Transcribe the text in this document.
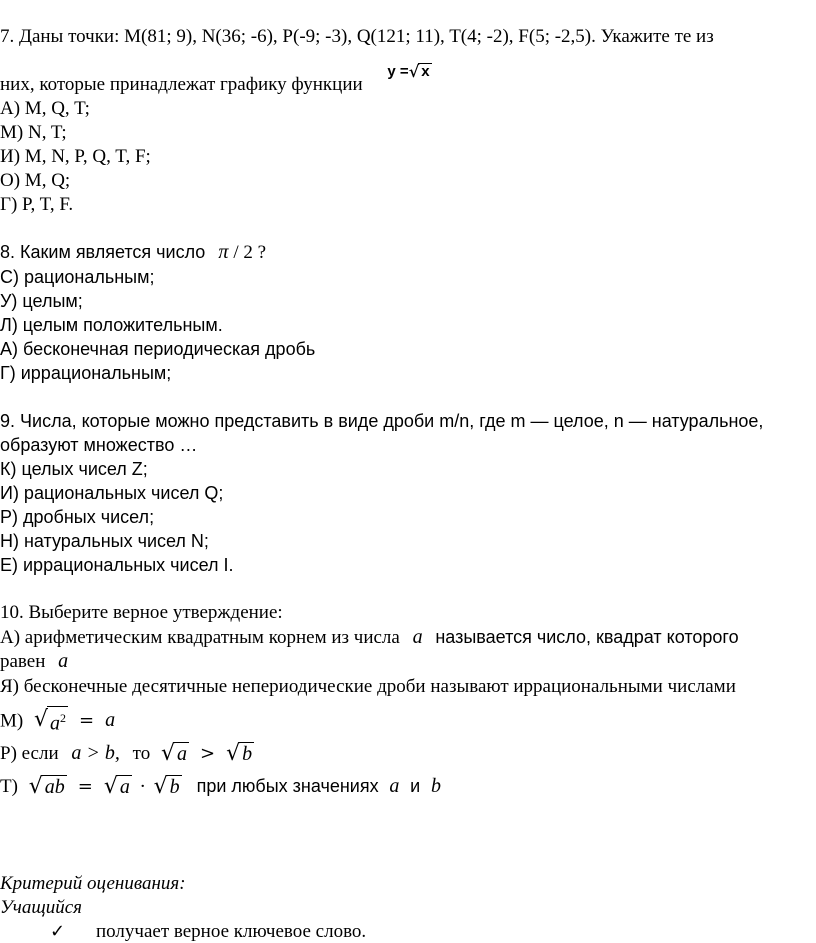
7. Даны точки: M(81; 9), N(36; -6), P(-9; -3), Q(121; 11), T(4; -2), F(5; -2,5). Укажите те из
них, которые принадлежат графику функции $^{y =√ x}$
А) M, Q, T;
М) N, T;
И) M, N, P, Q, T, F;
О) M, Q;
Г) P, T, F.
8. Каким является число π / 2 ?
С) рациональным;
У) целым;
Л) целым положительным.
А) бесконечная периодическая дробь
Г) иррациональным;
9. Числа, которые можно представить в виде дроби m/n, где m — целое, n — натуральное,
образуют множество …
К) целых чисел Z;
И) рациональных чисел Q;
Р) дробных чисел;
Н) натуральных чисел N;
Е) иррациональных чисел I.
10. Выберите верное утверждение:
А) арифметическим квадратным корнем из числа a называется число, квадрат которого
равен a
Я) бесконечные десятичные непериодические дроби называют иррациональными числами
М) √ $a^2 = a$
Р) если a > b, то √ a > √ b
Т) √ ab = √ a · √ b при любых значениях a и b
Критерий оценивания:
Учащийся
✓ получает верное ключевое слово.
